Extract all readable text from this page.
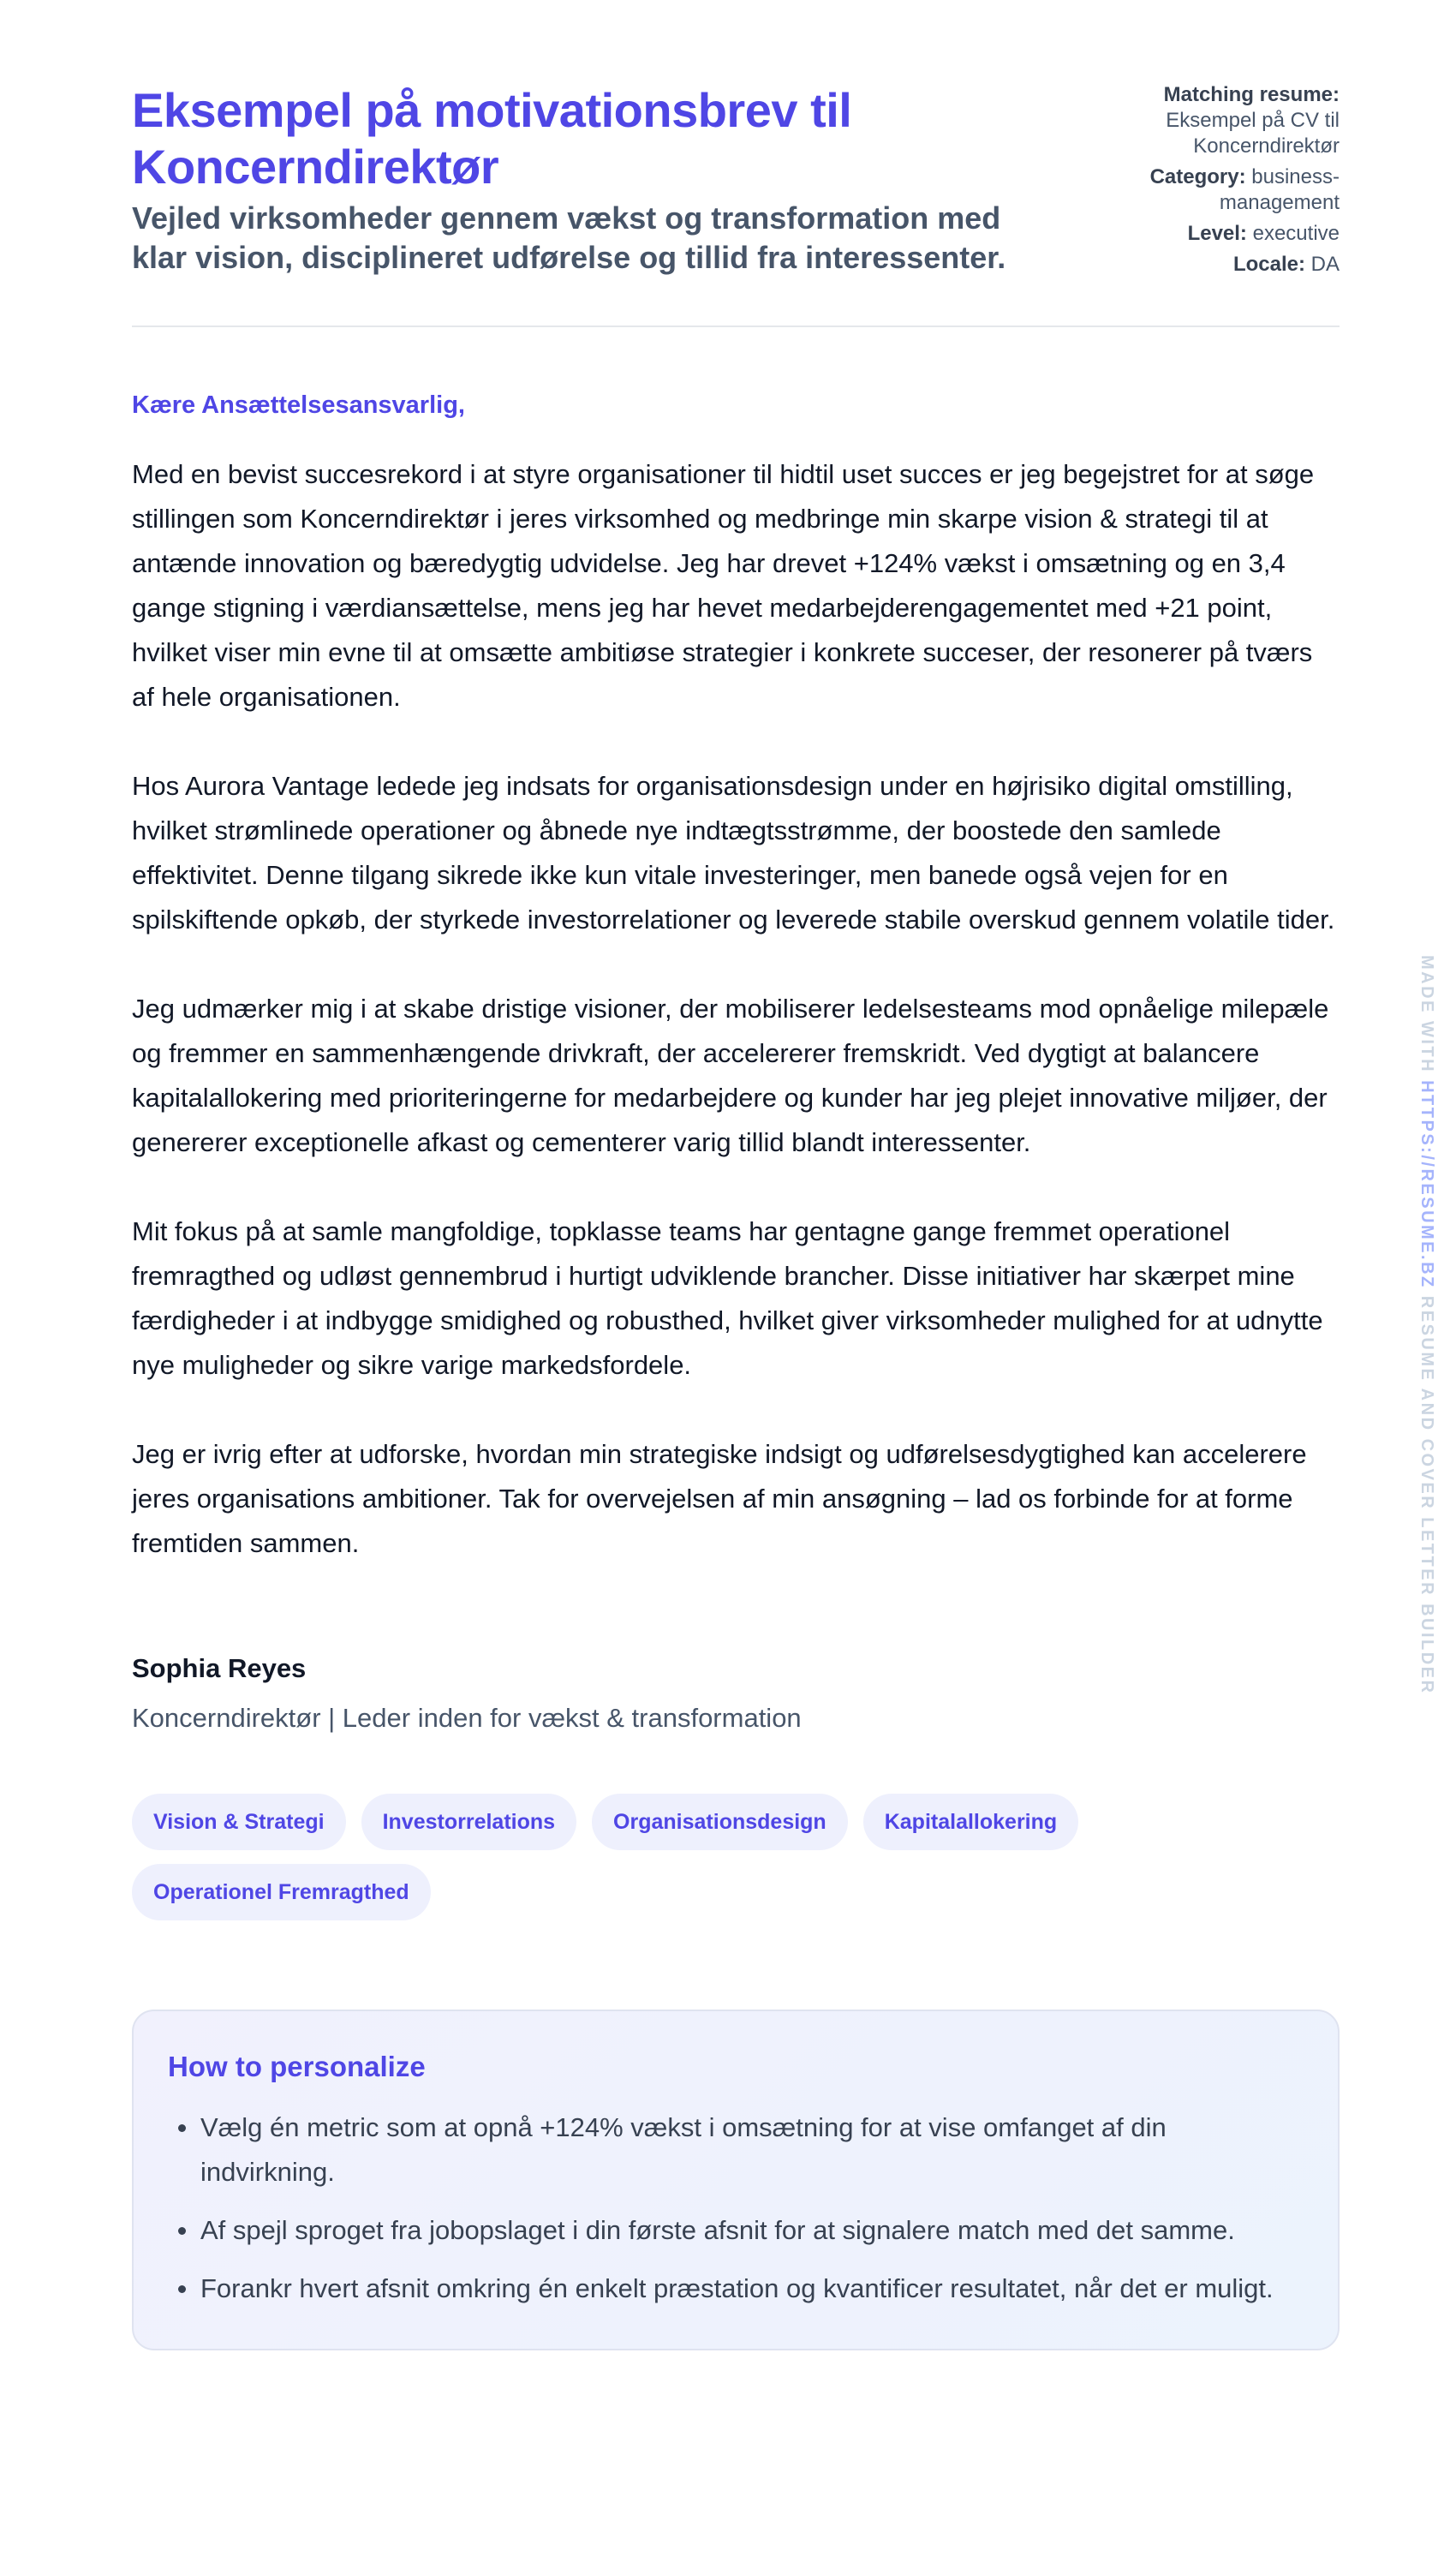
Eksempel på motivationsbrev til Koncerndirektør

Vejled virksomheder gennem vækst og transformation med klar vision, disciplineret udførelse og tillid fra interessenter.

Matching resume: Eksempel på CV til Koncerndirektør
Category: business-management
Level: executive
Locale: DA

Kære Ansættelsesansvarlig,

Med en bevist succesrekord i at styre organisationer til hidtil uset succes er jeg begejstret for at søge stillingen som Koncerndirektør i jeres virksomhed og medbringe min skarpe vision & strategi til at antænde innovation og bæredygtig udvidelse. Jeg har drevet +124% vækst i omsætning og en 3,4 gange stigning i værdiansættelse, mens jeg har hevet medarbejderengagementet med +21 point, hvilket viser min evne til at omsætte ambitiøse strategier i konkrete succeser, der resonerer på tværs af hele organisationen.

Hos Aurora Vantage ledede jeg indsats for organisationsdesign under en højrisiko digital omstilling, hvilket strømlinede operationer og åbnede nye indtægtsstrømme, der boostede den samlede effektivitet. Denne tilgang sikrede ikke kun vitale investeringer, men banede også vejen for en spilskiftende opkøb, der styrkede investorrelationer og leverede stabile overskud gennem volatile tider.

Jeg udmærker mig i at skabe dristige visioner, der mobiliserer ledelsesteams mod opnåelige milepæle og fremmer en sammenhængende drivkraft, der accelererer fremskridt. Ved dygtigt at balancere kapitalallokering med prioriteringerne for medarbejdere og kunder har jeg plejet innovative miljøer, der genererer exceptionelle afkast og cementerer varig tillid blandt interessenter.

Mit fokus på at samle mangfoldige, topklasse teams har gentagne gange fremmet operationel fremragthed og udløst gennembrud i hurtigt udviklende brancher. Disse initiativer har skærpet mine færdigheder i at indbygge smidighed og robusthed, hvilket giver virksomheder mulighed for at udnytte nye muligheder og sikre varige markedsfordele.

Jeg er ivrig efter at udforske, hvordan min strategiske indsigt og udførelsesdygtighed kan accelerere jeres organisations ambitioner. Tak for overvejelsen af min ansøgning – lad os forbinde for at forme fremtiden sammen.

Sophia Reyes

Koncerndirektør | Leder inden for vækst & transformation

Vision & Strategi	Investorrelations	Organisationsdesign	Kapitalallokering
Operationel Fremragthed
How to personalize
Vælg én metric som at opnå +124% vækst i omsætning for at vise omfanget af din indvirkning.
Af spejl sproget fra jobopslaget i din første afsnit for at signalere match med det samme.
Forankr hvert afsnit omkring én enkelt præstation og kvantificer resultatet, når det er muligt.
MADE WITH HTTPS://RESUME.BZ RESUME AND COVER LETTER BUILDER
